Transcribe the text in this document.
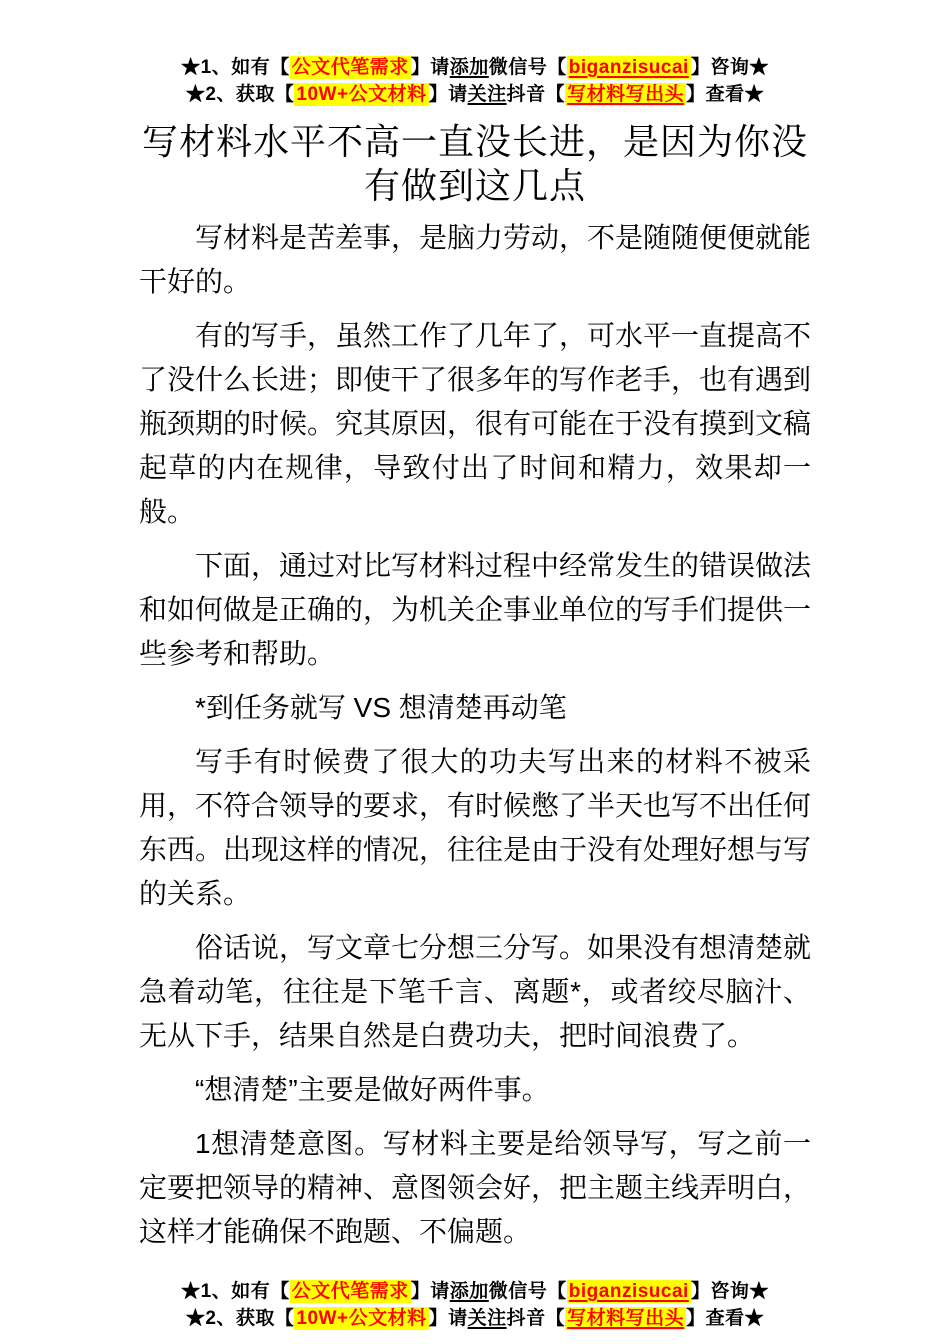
★1、如有【 公文代笔需求 】请添加微信号【 biganzisucai 】咨询★
★2、获取【 10W+公文材料 】请关注抖音【 写材料写出头 】查看★
写材料水平不高一直没长进，是因为你没有做到这几点

写材料是苦差事，是脑力劳动，不是随随便便就能干好的。

有的写手，虽然工作了几年了，可水平一直提高不了没什么长进；即使干了很多年的写作老手，也有遇到瓶颈期的时候。究其原因，很有可能在于没有摸到文稿起草的内在规律，导致付出了时间和精力，效果却一般。

下面，通过对比写材料过程中经常发生的错误做法和如何做是正确的，为机关企事业单位的写手们提供一些参考和帮助。

*到任务就写 VS 想清楚再动笔

写手有时候费了很大的功夫写出来的材料不被采用，不符合领导的要求，有时候憋了半天也写不出任何东西。出现这样的情况，往往是由于没有处理好想与写的关系。

俗话说，写文章七分想三分写。如果没有想清楚就急着动笔，往往是下笔千言、离题*，或者绞尽脑汁、无从下手，结果自然是白费功夫，把时间浪费了。

“想清楚”主要是做好两件事。

1想清楚意图。写材料主要是给领导写，写之前一定要把领导的精神、意图领会好，把主题主线弄明白，这样才能确保不跑题、不偏题。

★1、如有【 公文代笔需求 】请添加微信号【 biganzisucai 】咨询★
★2、获取【 10W+公文材料 】请关注抖音【 写材料写出头 】查看★
